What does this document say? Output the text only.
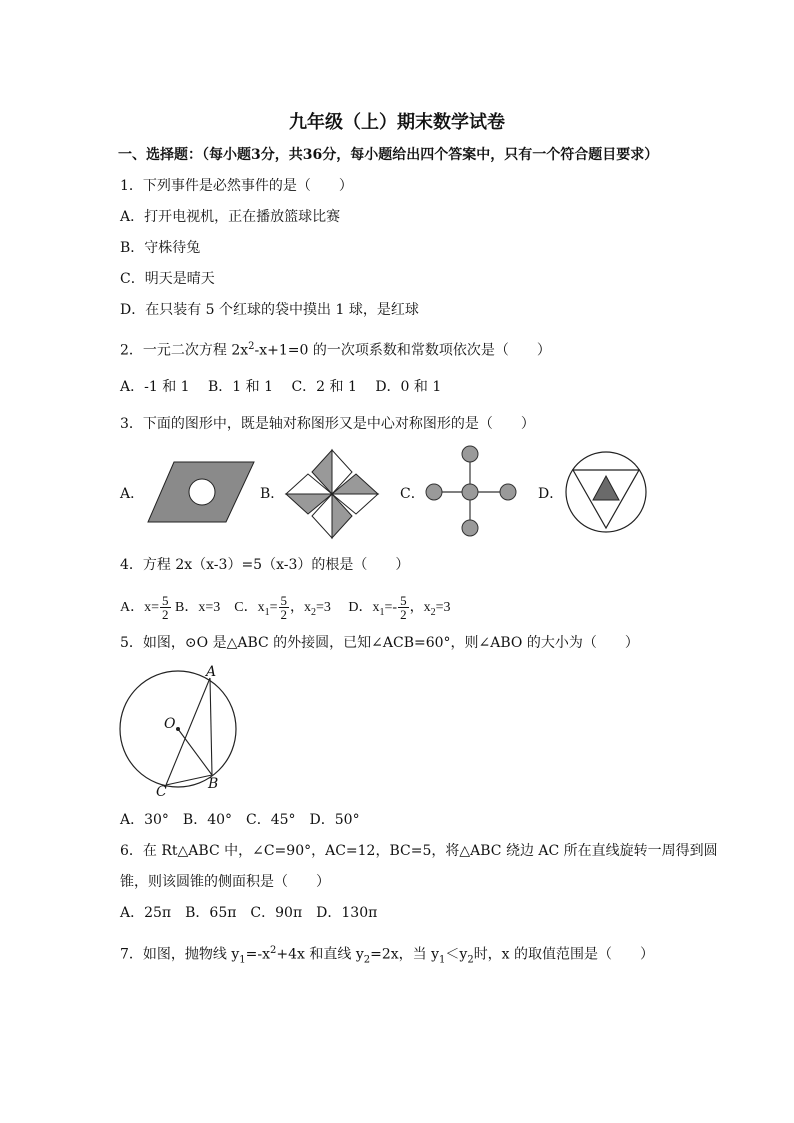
九年级（上）期末数学试卷
一、选择题：（每小题3分，共36分，每小题给出四个答案中，只有一个符合题目要求）
1．下列事件是必然事件的是（　　）
A．打开电视机，正在播放篮球比赛
B．守株待兔
C．明天是晴天
D．在只装有 5 个红球的袋中摸出 1 球，是红球
2．一元二次方程 $2x^2-x+1=0$ 的一次项系数和常数项依次是（　　）
A．-1 和 1　 B．1 和 1　 C．2 和 1　 D．0 和 1
3．下面的图形中，既是轴对称图形又是中心对称图形的是（　　）
A．	B．	C．	D．
4．方程 2x（x-3）=5（x-3）的根是（　　）
A．$x= \frac{5}{2}$ B．x=3　C．$x_1= \frac{5}{2}$ ，$x_2=3$　 D．$x_1=- \frac{5}{2}$ ，$x_2=3$
5．如图，⊙O 是△ABC 的外接圆，已知∠ACB=60°，则∠ABO 的大小为（　　）
A
O
B
C
A．30°　B．40°　C．45°　D．50°
6．在 Rt△ABC 中，∠C=90°，AC=12，BC=5，将△ABC 绕边 AC 所在直线旋转一周得到圆
锥，则该圆锥的侧面积是（　　）
A．25π　B．65π　C．90π　D．130π
7．如图，抛物线 $y_1=-x^2+4x$ 和直线 $y_2=2x$，当 $y_1<y_2$时，x 的取值范围是（　　）
